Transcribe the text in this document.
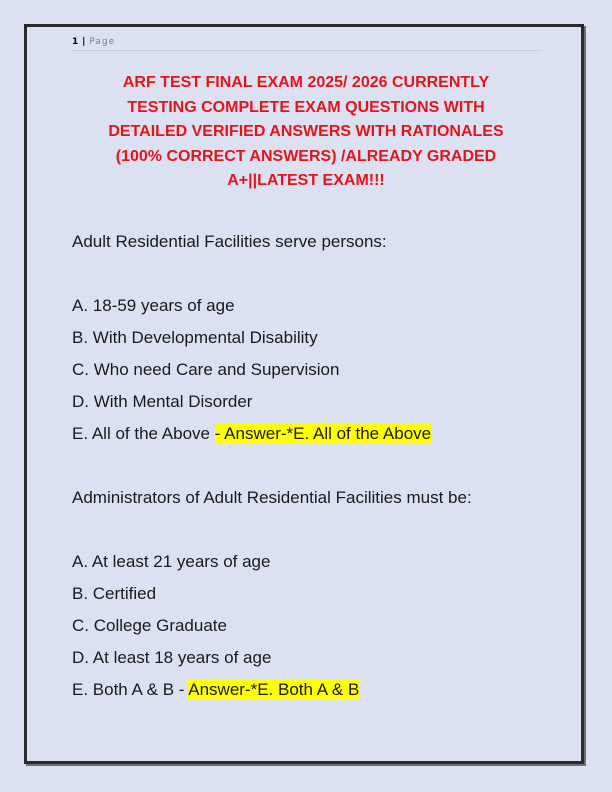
1 | Page
ARF TEST FINAL EXAM 2025/ 2026 CURRENTLY
TESTING COMPLETE EXAM QUESTIONS WITH
DETAILED VERIFIED ANSWERS WITH RATIONALES
(100% CORRECT ANSWERS) /ALREADY GRADED
A+||LATEST EXAM!!!
Adult Residential Facilities serve persons:
A. 18-59 years of age
B. With Developmental Disability
C. Who need Care and Supervision
D. With Mental Disorder
E. All of the Above - Answer-*E. All of the Above
Administrators of Adult Residential Facilities must be:
A. At least 21 years of age
B. Certified
C. College Graduate
D. At least 18 years of age
E. Both A & B - Answer-*E. Both A & B
